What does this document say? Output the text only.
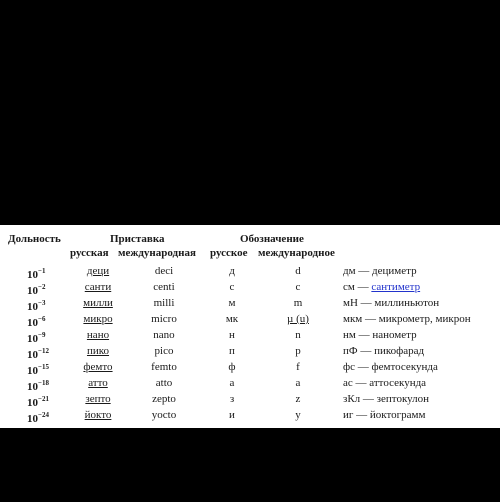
Дольность	Приставка	Обозначение
русская международная русское международное
$10^{-1}$	деци	deci	д	d	дм — дециметр
$10^{-2}$	санти	centi	с	c	см — сантиметр
$10^{-3}$	милли	milli	м	m	мН — миллиньютон
$10^{-6}$	микро	micro	мк	µ (u)	мкм — микрометр, микрон
$10^{-9}$	нано	nano	н	n	нм — нанометр
$10^{-12}$	пико	pico	п	p	пФ — пикофарад
$10^{-15}$	фемто	femto	ф	f	фс — фемтосекунда
$10^{-18}$	атто	atto	а	a	ас — аттосекунда
$10^{-21}$	зепто	zepto	з	z	зКл — зептокулон
$10^{-24}$	йокто	yocto	и	y	иг — йоктограмм
